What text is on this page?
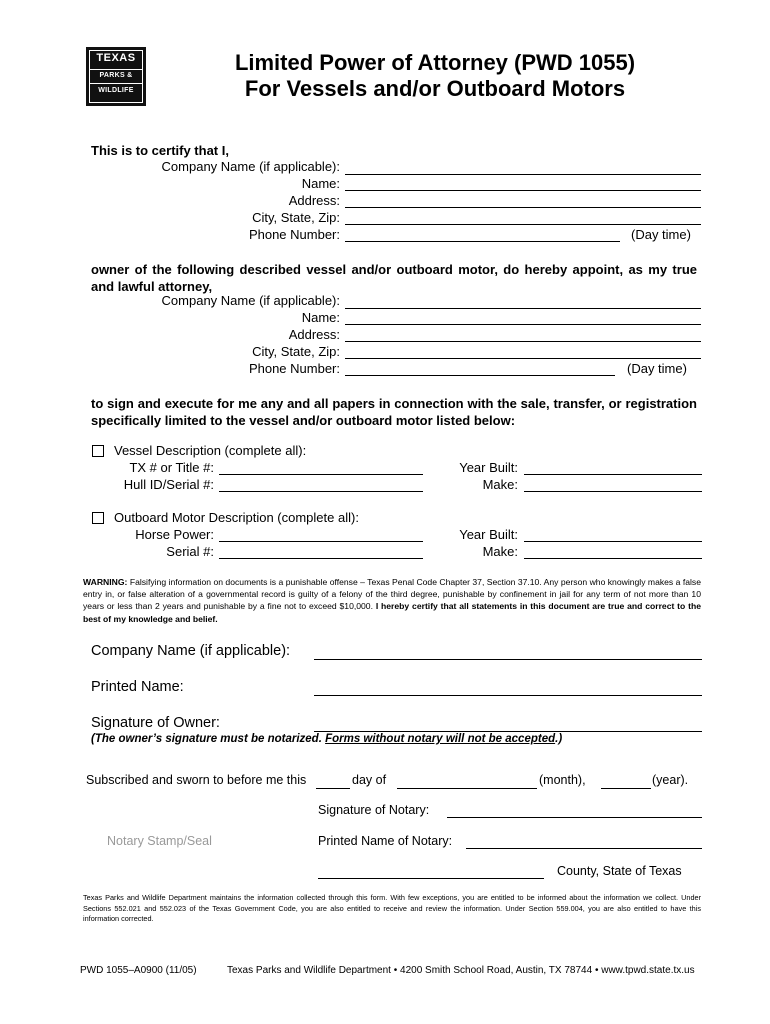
TEXAS
PARKS &
WILDLIFE
Limited Power of Attorney (PWD 1055)
For Vessels and/or Outboard Motors
This is to certify that I,
Company Name (if applicable):
Name:
Address:
City, State, Zip:
Phone Number:	(Day time)
owner of the following described vessel and/or outboard motor, do hereby appoint, as my true and lawful attorney,
Company Name (if applicable):
Name:
Address:
City, State, Zip:
Phone Number:	(Day time)
to sign and execute for me any and all papers in connection with the sale, transfer, or registration specifically limited to the vessel and/or outboard motor listed below:
Vessel Description (complete all):
TX # or Title #:	Year Built:
Hull ID/Serial #:	Make:
Outboard Motor Description (complete all):
Horse Power:	Year Built:
Serial #:	Make:
WARNING: Falsifying information on documents is a punishable offense – Texas Penal Code Chapter 37, Section 37.10. Any person who knowingly makes a false entry in, or false alteration of a governmental record is guilty of a felony of the third degree, punishable by confinement in jail for any term of not more than 10 years or less than 2 years and punishable by a fine not to exceed $10,000. I hereby certify that all statements in this document are true and correct to the best of my knowledge and belief.
Company Name (if applicable):
Printed Name:
Signature of Owner:
(The owner’s signature must be notarized. Forms without notary will not be accepted.)
Subscribed and sworn to before me this	day of	(month),	(year).
Signature of Notary:
Notary Stamp/Seal	Printed Name of Notary:
County, State of Texas
Texas Parks and Wildlife Department maintains the information collected through this form. With few exceptions, you are entitled to be informed about the information we collect. Under Sections 552.021 and 552.023 of the Texas Government Code, you are also entitled to receive and review the information. Under Section 559.004, you are also entitled to have this information corrected.
PWD 1055–A0900 (11/05)	Texas Parks and Wildlife Department • 4200 Smith School Road, Austin, TX 78744 • www.tpwd.state.tx.us
